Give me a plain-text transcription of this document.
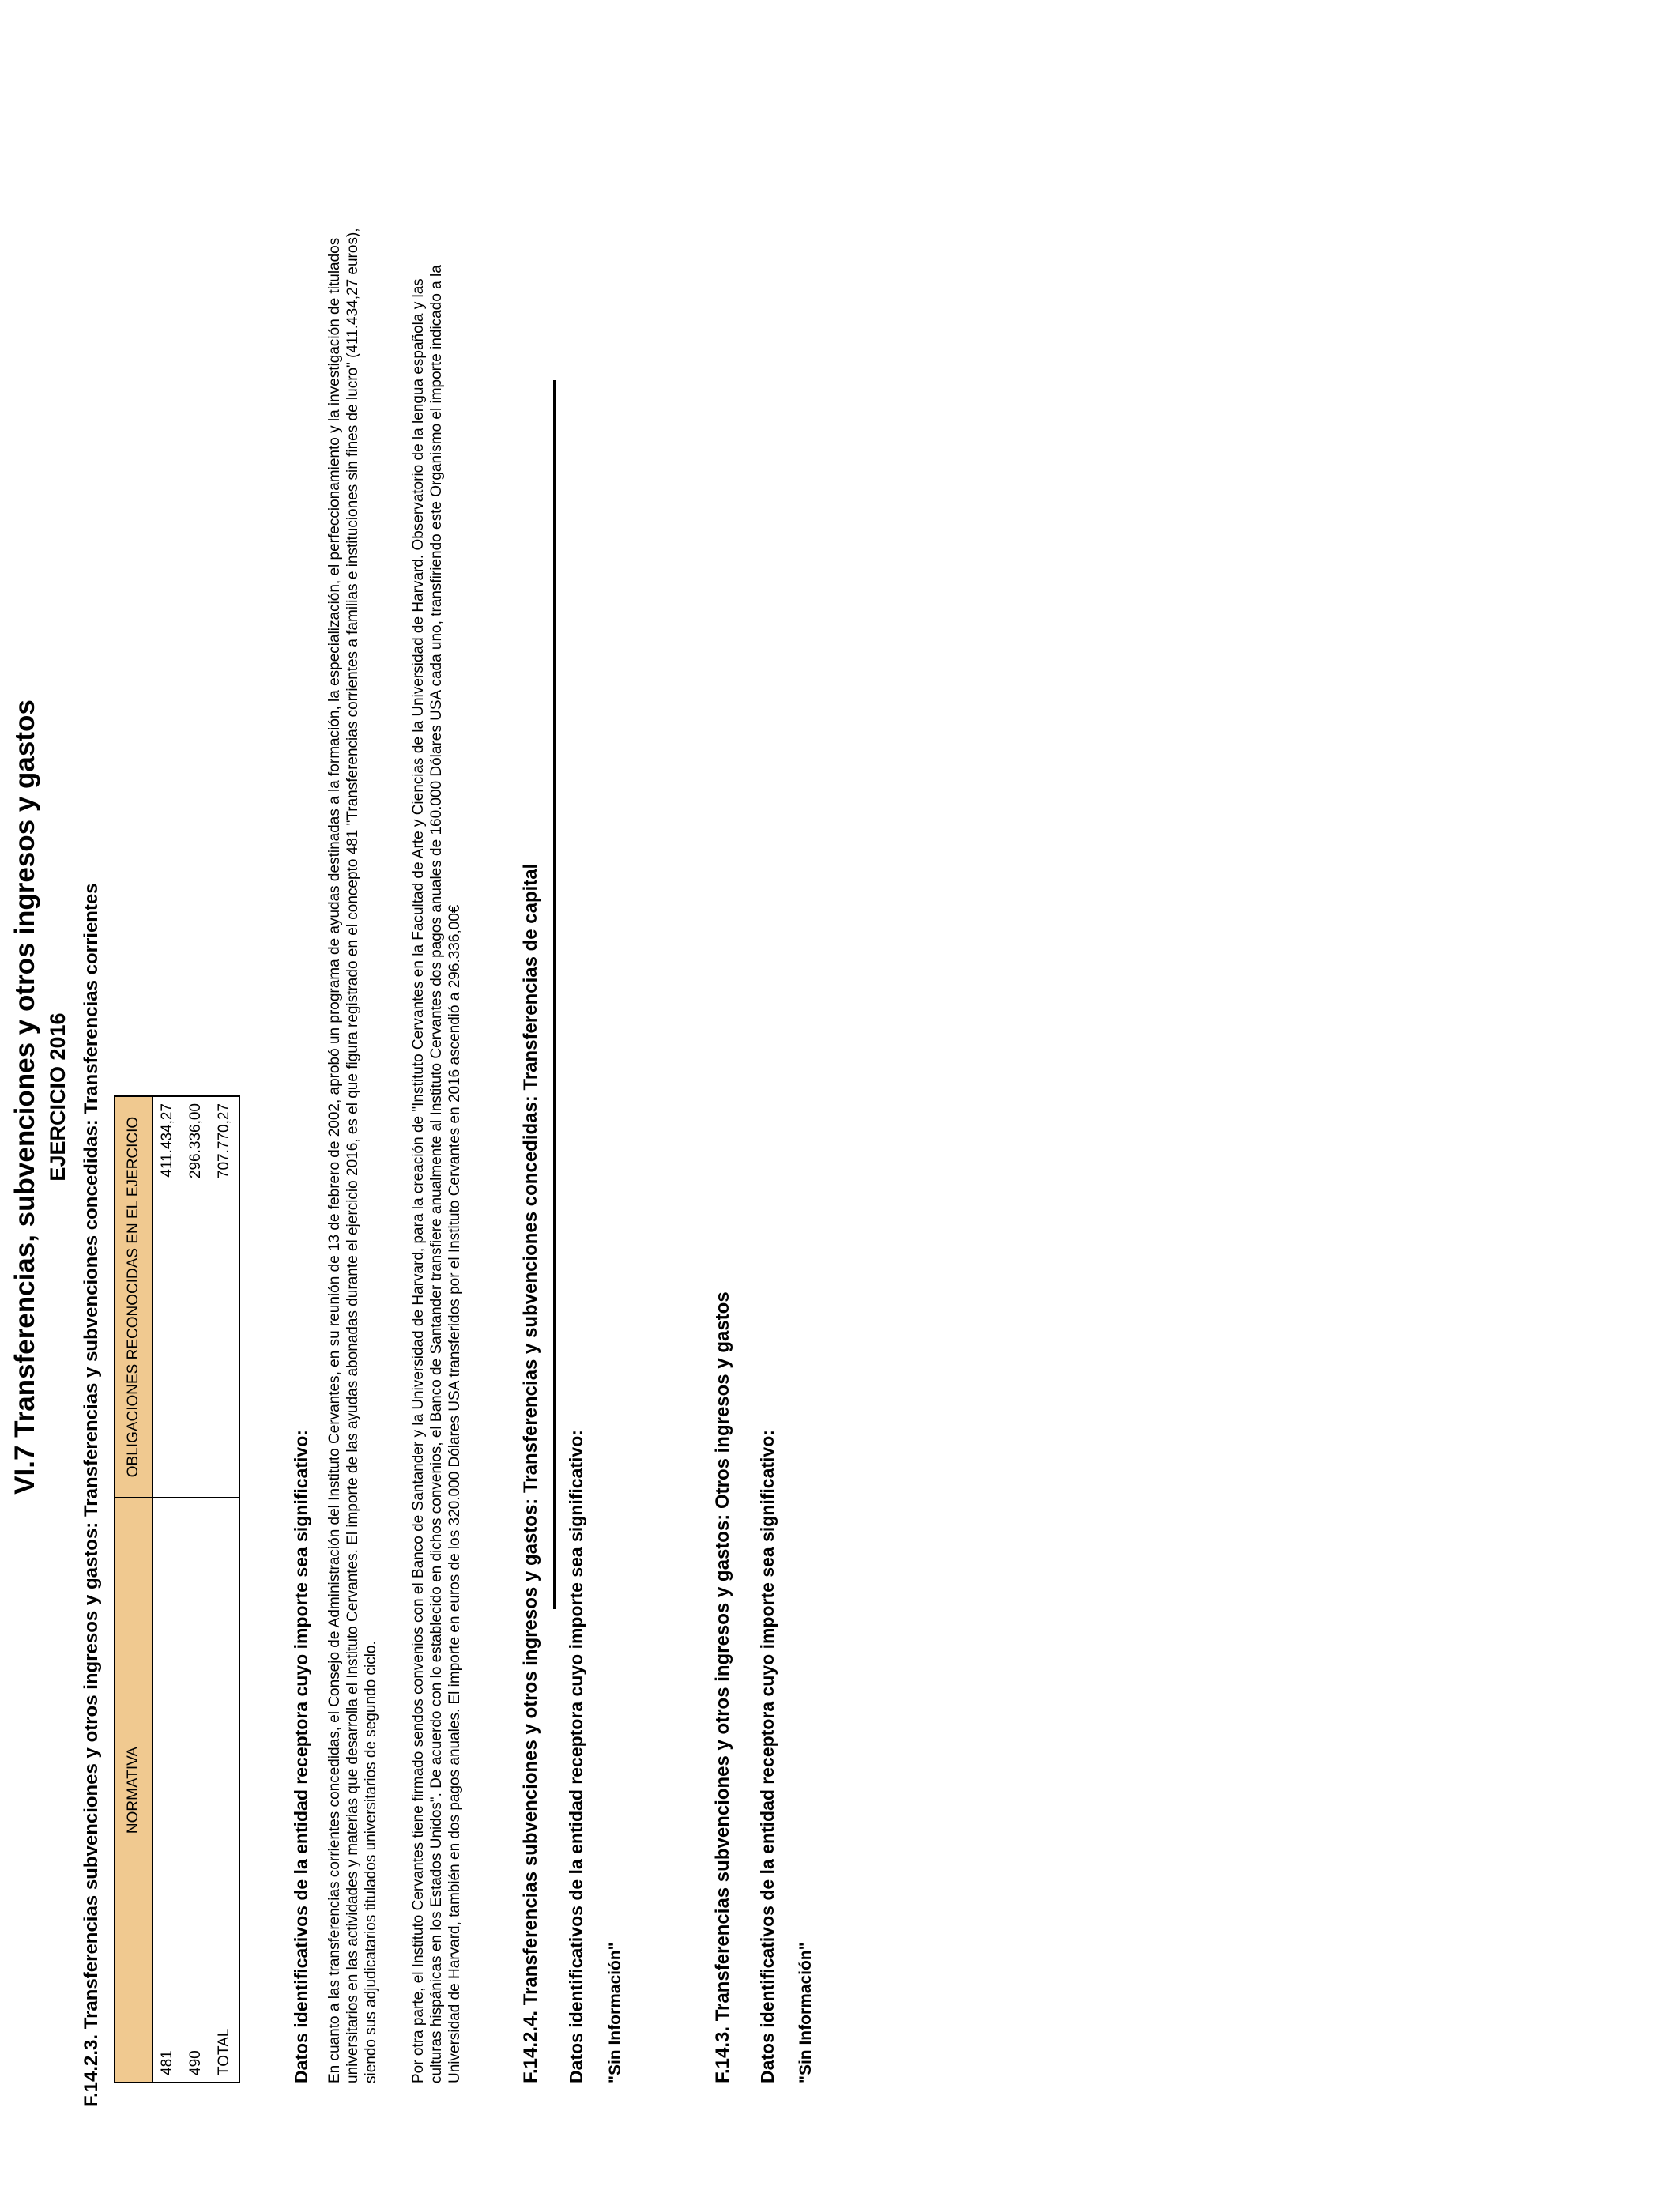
VI.7 Transferencias, subvenciones y otros ingresos y gastos EJERCICIO 2016 F.14.2.3. Transferencias subvenciones y otros ingresos y gastos: Transferencias y subvenciones concedidas: Transferencias corrientes NORMATIVA	OBLIGACIONES RECONOCIDAS EN EL EJERCICIO
481	411.434,27
490	296.336,00
TOTAL	707.770,27
Datos identificativos de la entidad receptora cuyo importe sea significativo: En cuanto a las transferencias corrientes concedidas, el Consejo de Administración del Instituto Cervantes, en su reunión de 13 de febrero de 2002, aprobó un programa de ayudas destinadas a la formación, la especialización, el perfeccionamiento y la investigación de titulados universitarios en las actividades y materias que desarrolla el Instituto Cervantes. El importe de las ayudas abonadas durante el ejercicio 2016, es el que figura registrado en el concepto 481 "Transferencias corrientes a familias e instituciones sin fines de lucro" (411.434,27 euros), siendo sus adjudicatarios titulados universitarios de segundo ciclo. Por otra parte, el Instituto Cervantes tiene firmado sendos convenios con el Banco de Santander y la Universidad de Harvard, para la creación de "Instituto Cervantes en la Facultad de Arte y Ciencias de la Universidad de Harvard. Observatorio de la lengua española y las culturas hispánicas en los Estados Unidos". De acuerdo con lo establecido en dichos convenios, el Banco de Santander transfiere anualmente al Instituto Cervantes dos pagos anuales de 160.000 Dólares USA cada uno, transfiriendo este Organismo el importe indicado a la Universidad de Harvard, también en dos pagos anuales. El importe en euros de los 320.000 Dólares USA transferidos por el Instituto Cervantes en 2016 ascendió a 296.336,00€	F.14.2.4. Transferencias subvenciones y otros ingresos y gastos: Transferencias y subvenciones concedidas: Transferencias de capital Datos identificativos de la entidad receptora cuyo importe sea significativo: "Sin Información"	F.14.3. Transferencias subvenciones y otros ingresos y gastos: Otros ingresos y gastos Datos identificativos de la entidad receptora cuyo importe sea significativo: "Sin Información"
